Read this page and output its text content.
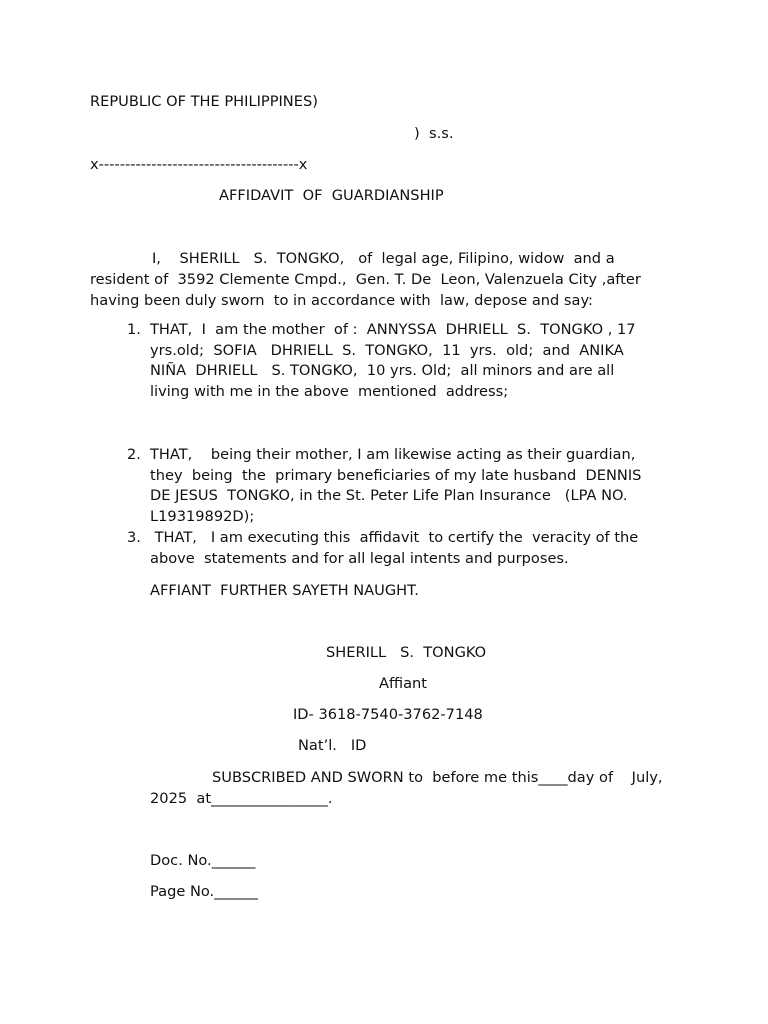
REPUBLIC OF THE PHILIPPINES)
)  s.s.
x--------------------------------------x
AFFIDAVIT  OF  GUARDIANSHIP
I,    SHERILL   S.  TONGKO,   of  legal age, Filipino, widow  and a
resident of  3592 Clemente Cmpd.,  Gen. T. De  Leon, Valenzuela City ,after
having been duly sworn  to in accordance with  law, depose and say:
1. THAT,  I  am the mother  of :  ANNYSSA  DHRIELL  S.  TONGKO , 17
yrs.old;  SOFIA   DHRIELL  S.  TONGKO,  11  yrs.  old;  and  ANIKA
NIÑA  DHRIELL   S. TONGKO,  10 yrs. Old;  all minors and are all
living with me in the above  mentioned  address;
2. THAT,    being their mother, I am likewise acting as their guardian,
they  being  the  primary beneficiaries of my late husband  DENNIS
DE JESUS  TONGKO, in the St. Peter Life Plan Insurance   (LPA NO.
L19319892D);
3. THAT,   I am executing this  affidavit  to certify the  veracity of the
above  statements and for all legal intents and purposes.
AFFIANT  FURTHER SAYETH NAUGHT.
SHERILL   S.  TONGKO
Affiant
ID- 3618-7540-3762-7148
Nat’l.   ID
SUBSCRIBED AND SWORN to  before me this____day of    July,
2025  at________________.
Doc. No.______
Page No.______
